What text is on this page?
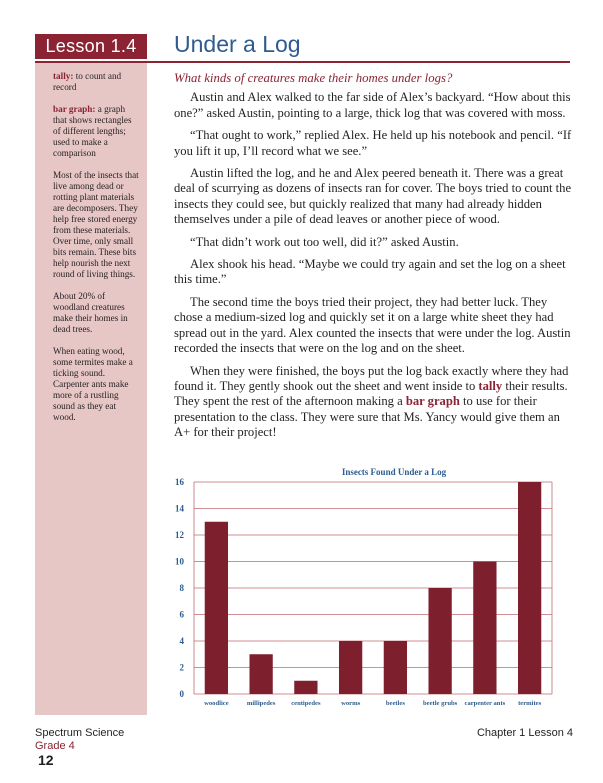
Lesson 1.4	Under a Log

tally: to count and record

bar graph: a graph that shows rectangles of different lengths; used to make a comparison

Most of the insects that live among dead or rotting plant materials are decomposers. They help free stored energy from these materials. Over time, only small bits remain. These bits help nourish the next round of living things.

About 20% of woodland creatures make their homes in dead trees.

When eating wood, some termites make a ticking sound. Carpenter ants make more of a rustling sound as they eat wood.

What kinds of creatures make their homes under logs?

Austin and Alex walked to the far side of Alex’s backyard. “How about this one?” asked Austin, pointing to a large, thick log that was covered with moss.

“That ought to work,” replied Alex. He held up his notebook and pencil. “If you lift it up, I’ll record what we see.”

Austin lifted the log, and he and Alex peered beneath it. There was a great deal of scurrying as dozens of insects ran for cover. The boys tried to count the insects they could see, but quickly realized that many had already hidden themselves under a pile of dead leaves or another piece of wood.

“That didn’t work out too well, did it?” asked Austin.

Alex shook his head. “Maybe we could try again and set the log on a sheet this time.”

The second time the boys tried their project, they had better luck. They chose a medium-sized log and quickly set it on a large white sheet they had spread out in the yard. Alex counted the insects that were under the log. Austin recorded the insects that were on the log and on the sheet.

When they were finished, the boys put the log back exactly where they had found it. They gently shook out the sheet and went inside to tally their results. They spent the rest of the afternoon making a bar graph to use for their presentation to the class. They were sure that Ms. Yancy would give them an A+ for their project!

Insects Found Under a Log
0
2
4
6
8
10
12
14
16
woodlice	millipedes centipedes	worms	beetles	beetle grubs carpenter ants termites
Spectrum Science
Grade 4
12
Chapter 1 Lesson 4
